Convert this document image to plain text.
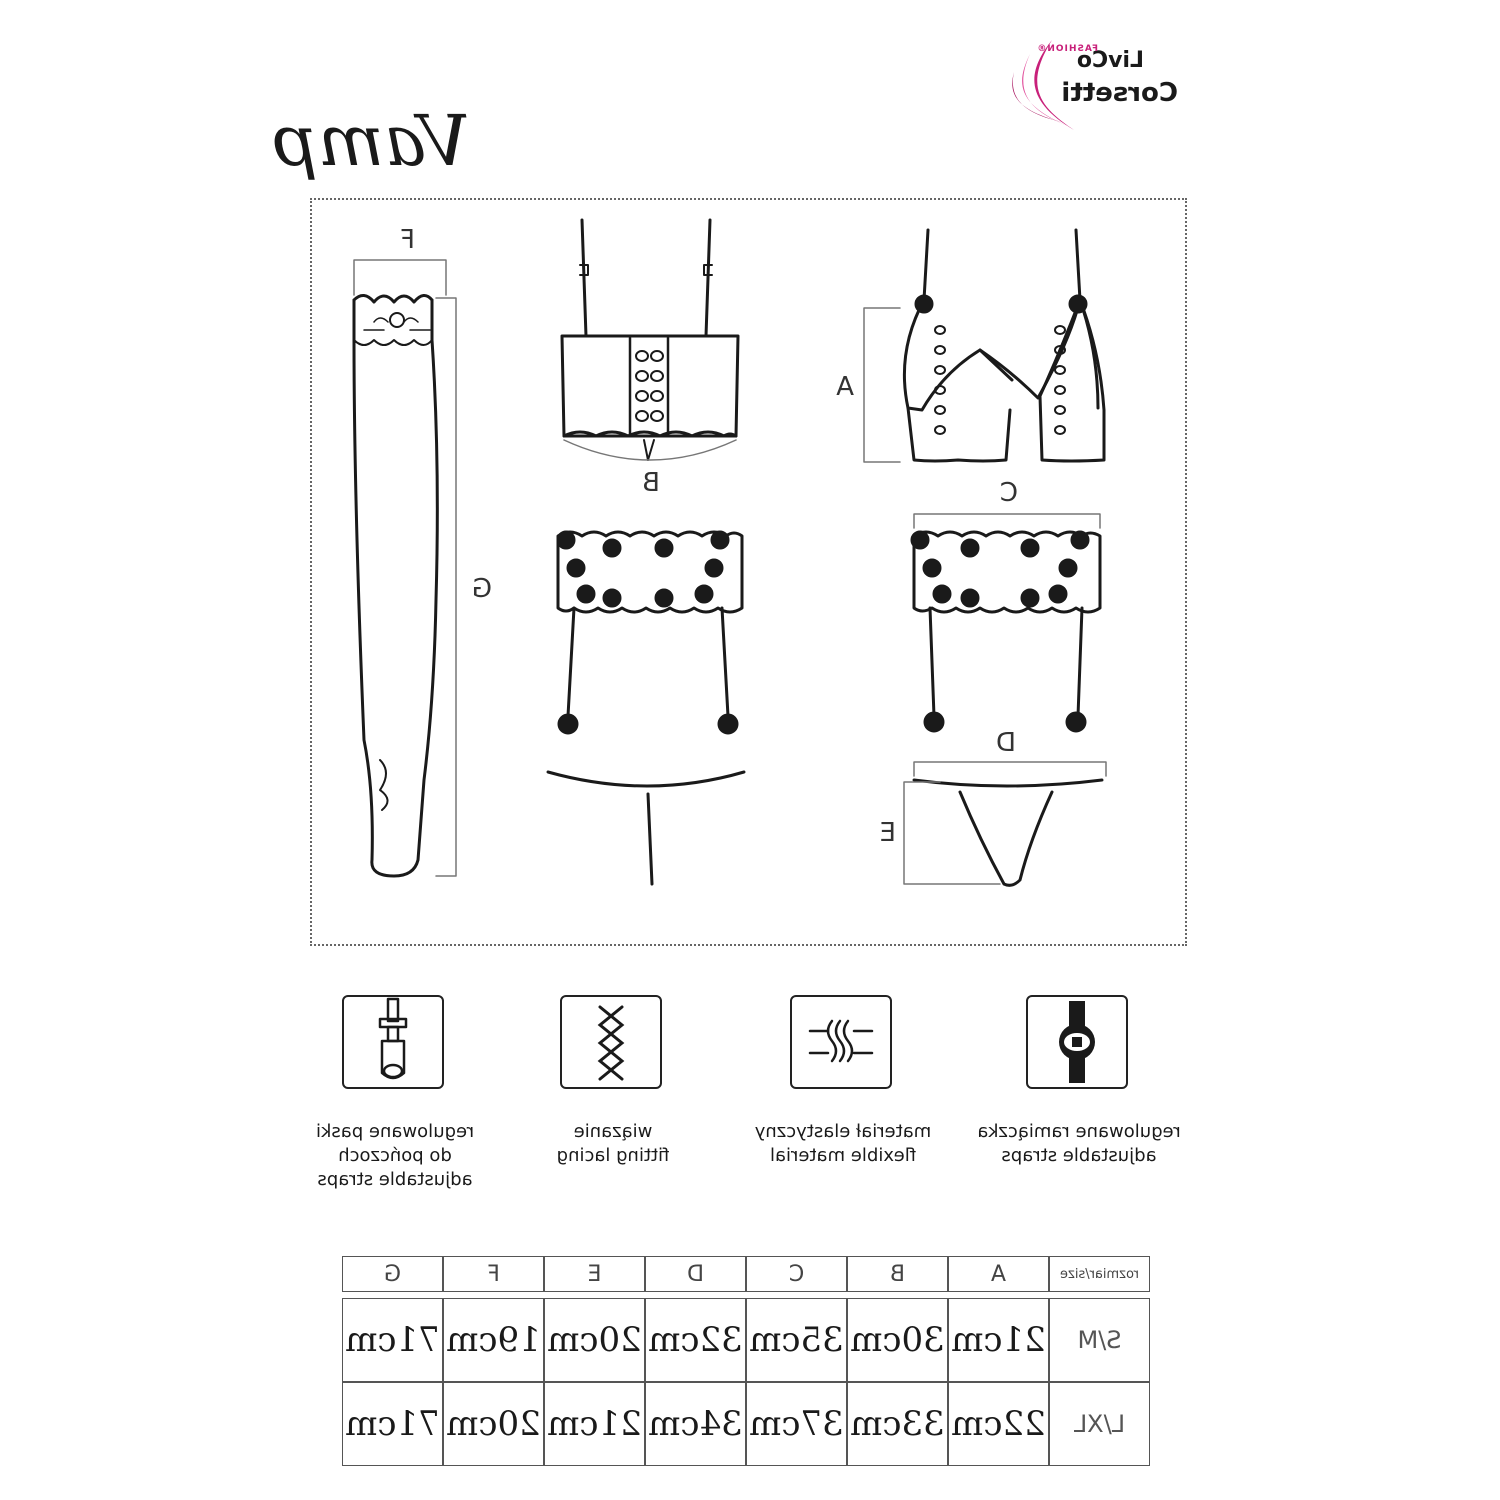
LivCo
FASHION®
Corsetti
Vamp
F
G
B
A
C
D
E
regulowane ramiączka
adjustable straps
materiał elastyczny
flexible material
wiązanie
fitting lacing
regulowane paski
do pończoch
adjustable straps
rozmiar/size	A	B	C	D	E	F	G

S/M	21cm	30cm	35cm	32cm	20cm	19cm	71cm
L/XL	22cm	33cm	37cm	34cm	21cm	20cm	71cm
